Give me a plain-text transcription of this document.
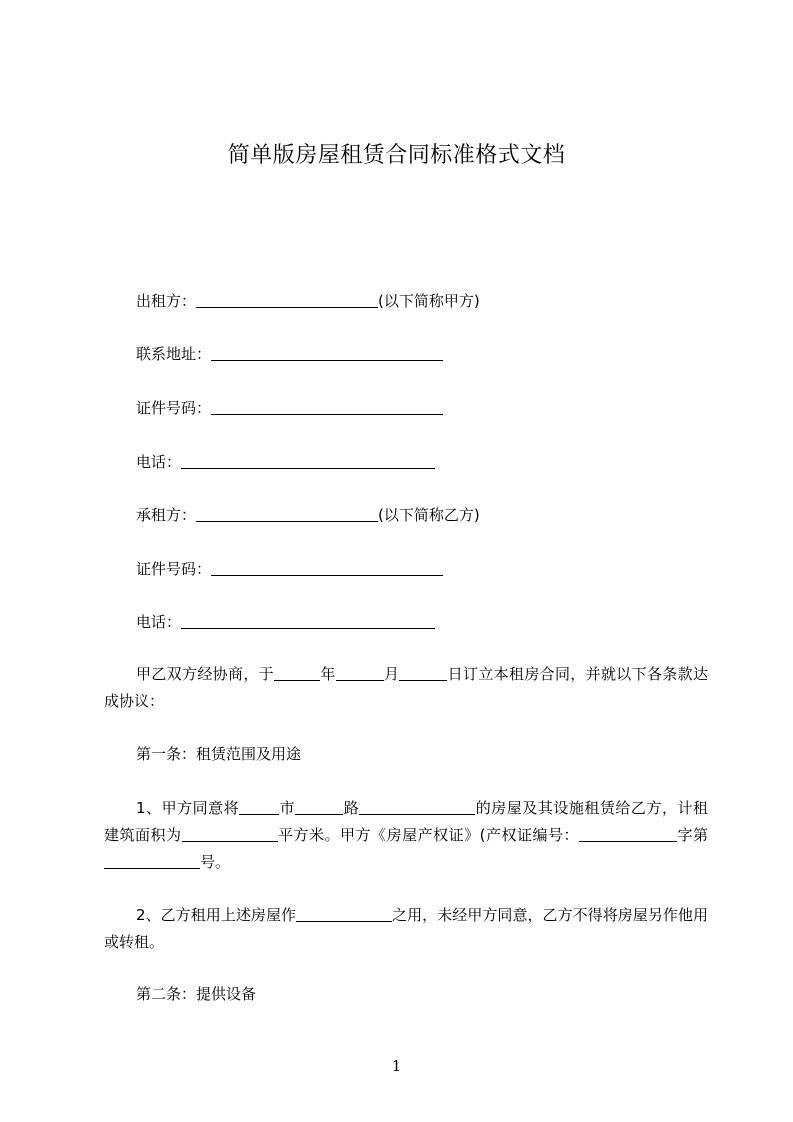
简单版房屋租赁合同标准格式文档
出租方：	(以下简称甲方)
联系地址：
证件号码：
电话：
承租方：	(以下简称乙方)
证件号码：
电话：
甲乙双方经协商，于	年	月	日订立本租房合同，并就以下各条款达成协议：
第一条：租赁范围及用途
1、甲方同意将	市	路	的房屋及其设施租赁给乙方，计租建筑面积为	平方米。甲方《房屋产权证》(产权证编号：	字第号。
2、乙方租用上述房屋作	之用，未经甲方同意，乙方不得将房屋另作他用或转租。
第二条：提供设备
1
